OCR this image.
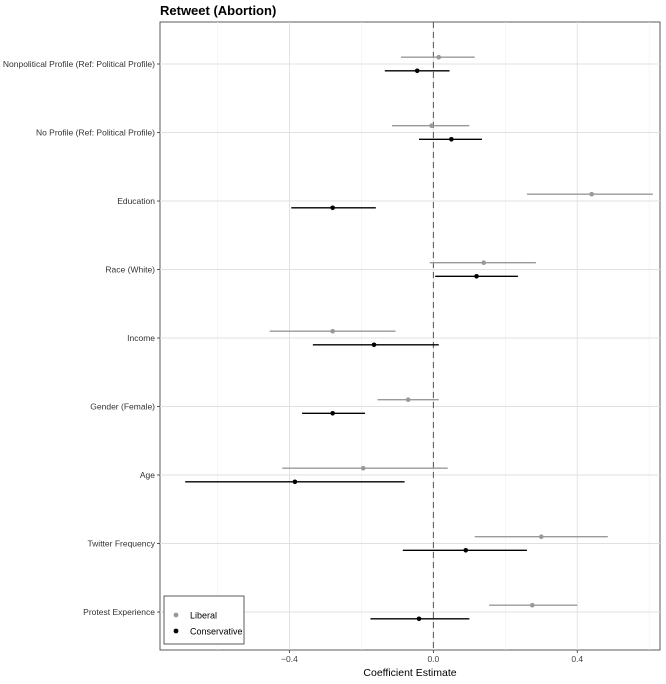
Retweet (Abortion)
Nonpolitical Profile (Ref: Political Profile)
No Profile (Ref: Political Profile)
Education
Race (White)
Income
Gender (Female)
Age
Twitter Frequency
Protest Experience
−0.4	0.0	0.4
Coefficient Estimate
Liberal
Conservative
